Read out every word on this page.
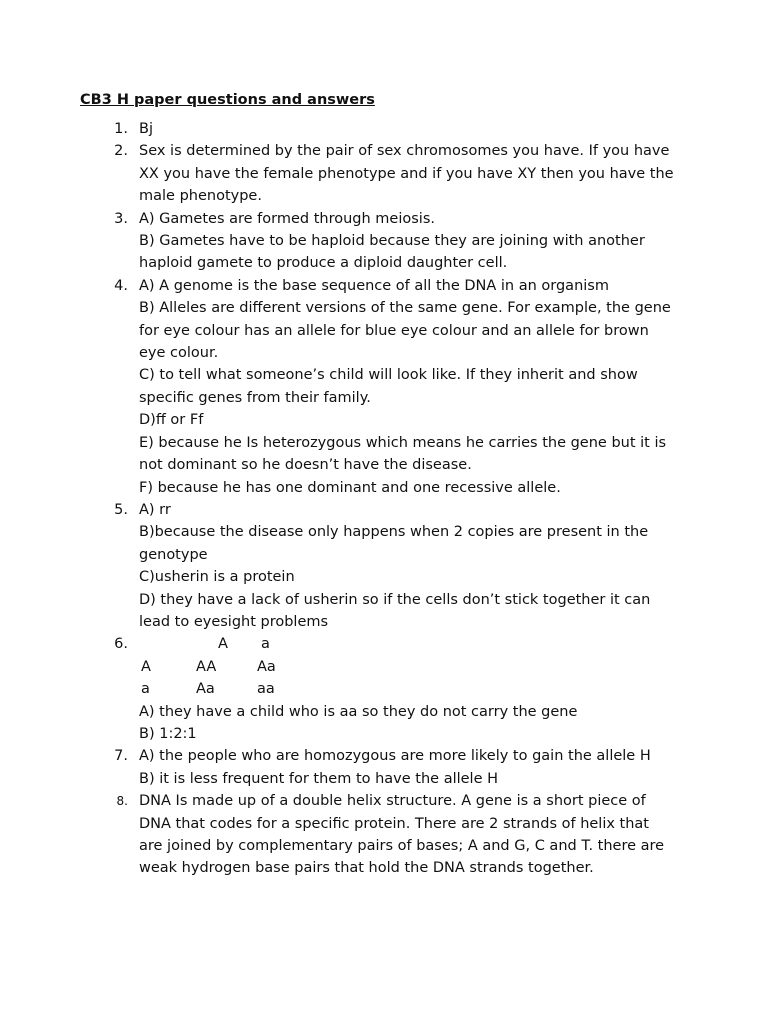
CB3 H paper questions and answers
1. Bj
2. Sex is determined by the pair of sex chromosomes you have. If you have
XX you have the female phenotype and if you have XY then you have the
male phenotype.
3. A) Gametes are formed through meiosis.
B) Gametes have to be haploid because they are joining with another
haploid gamete to produce a diploid daughter cell.
4. A) A genome is the base sequence of all the DNA in an organism
B) Alleles are different versions of the same gene. For example, the gene
for eye colour has an allele for blue eye colour and an allele for brown
eye colour.
C) to tell what someone’s child will look like. If they inherit and show
specific genes from their family.
D)ff or Ff
E) because he Is heterozygous which means he carries the gene but it is
not dominant so he doesn’t have the disease.
F) because he has one dominant and one recessive allele.
5. A) rr
B)because the disease only happens when 2 copies are present in the
genotype
C)usherin is a protein
D) they have a lack of usherin so if the cells don’t stick together it can
lead to eyesight problems
6.	A a
A	AA	Aa
a	Aa	aa
A) they have a child who is aa so they do not carry the gene
B) 1:2:1
7. A) the people who are homozygous are more likely to gain the allele H
B) it is less frequent for them to have the allele H
8. DNA Is made up of a double helix structure. A gene is a short piece of
DNA that codes for a specific protein. There are 2 strands of helix that
are joined by complementary pairs of bases; A and G, C and T. there are
weak hydrogen base pairs that hold the DNA strands together.
